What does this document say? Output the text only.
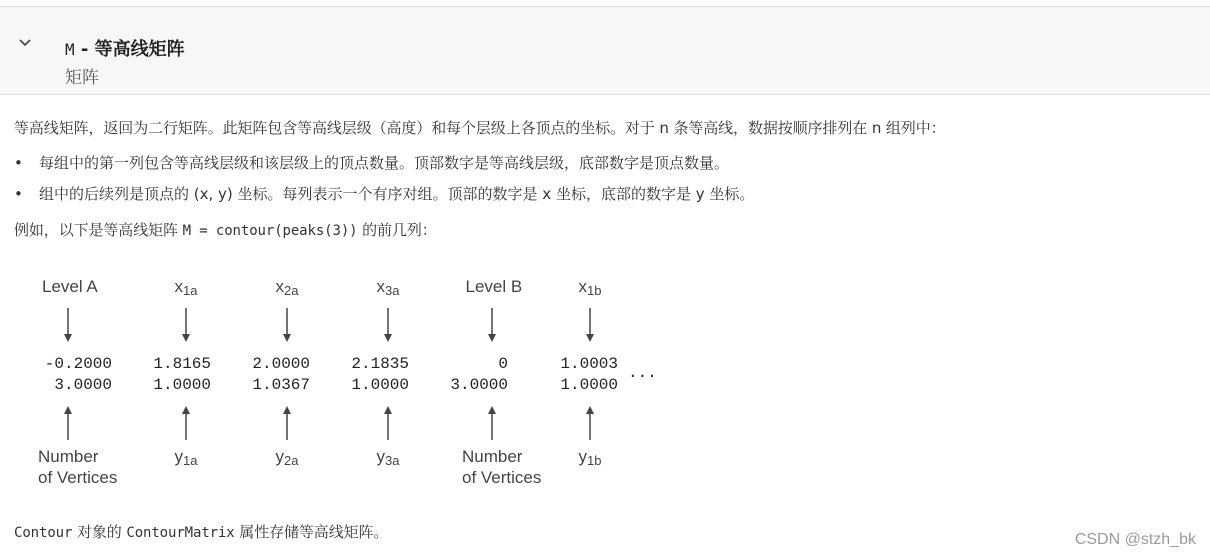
M - 等高线矩阵
矩阵
等高线矩阵，返回为二行矩阵。此矩阵包含等高线层级（高度）和每个层级上各顶点的坐标。对于 n 条等高线，数据按顺序排列在 n 组列中：
• 每组中的第一列包含等高线层级和该层级上的顶点数量。顶部数字是等高线层级，底部数字是顶点数量。
• 组中的后续列是顶点的 (x, y) 坐标。每列表示一个有序对组。顶部的数字是 x 坐标，底部的数字是 y 坐标。
例如，以下是等高线矩阵 M = contour(peaks(3)) 的前几列：
Level A
-0.2000
3.0000
Number
of Vertices
$x_{1a}$
1.8165
1.0000
$y_{1a}$
$x_{2a}$
2.0000
1.0367
$y_{2a}$
$x_{3a}$
2.1835
1.0000
$y_{3a}$
Level B
0
3.0000
Number
of Vertices
$x_{1b}$
1.0003
1.0000
$y_{1b}$
...
Contour 对象的 ContourMatrix 属性存储等高线矩阵。	CSDN @stzh_bk
